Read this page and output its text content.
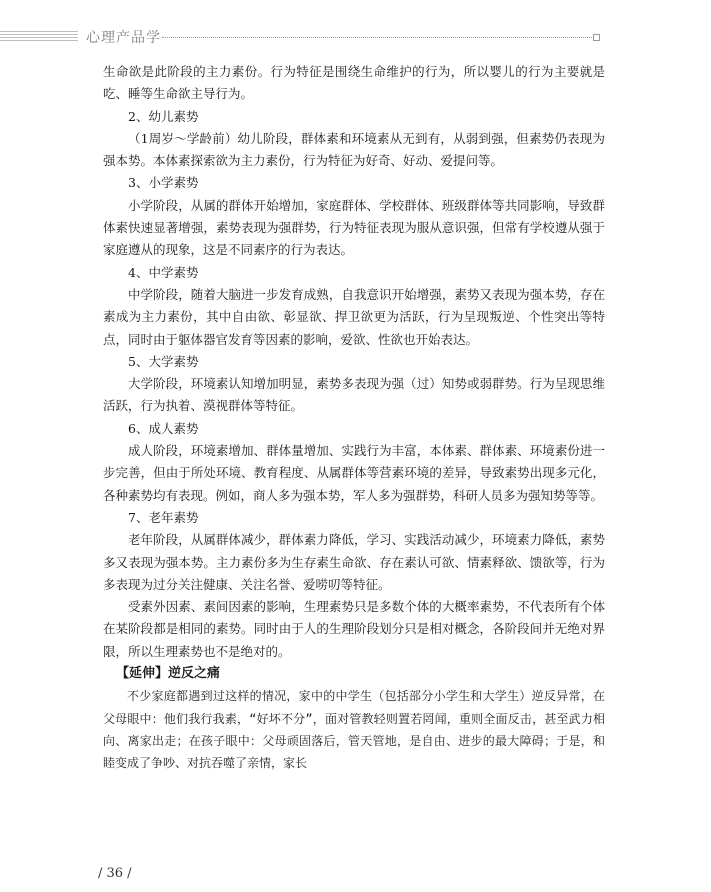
心理产品学

生命欲是此阶段的主力素份。行为特征是围绕生命维护的行为，所以婴儿的行为主要就是吃、睡等生命欲主导行为。

2、幼儿素势

（1周岁～学龄前）幼儿阶段，群体素和环境素从无到有，从弱到强，但素势仍表现为强本势。本体素探索欲为主力素份，行为特征为好奇、好动、爱提问等。

3、小学素势

小学阶段，从属的群体开始增加，家庭群体、学校群体、班级群体等共同影响，导致群体素快速显著增强，素势表现为强群势，行为特征表现为服从意识强，但常有学校遵从强于家庭遵从的现象，这是不同素序的行为表达。

4、中学素势

中学阶段，随着大脑进一步发育成熟，自我意识开始增强，素势又表现为强本势，存在素成为主力素份，其中自由欲、彰显欲、捍卫欲更为活跃，行为呈现叛逆、个性突出等特点，同时由于躯体器官发育等因素的影响，爱欲、性欲也开始表达。

5、大学素势

大学阶段，环境素认知增加明显，素势多表现为强（过）知势或弱群势。行为呈现思维活跃，行为执着、漠视群体等特征。

6、成人素势

成人阶段，环境素增加、群体量增加、实践行为丰富，本体素、群体素、环境素份进一步完善，但由于所处环境、教育程度、从属群体等营素环境的差异，导致素势出现多元化，各种素势均有表现。例如，商人多为强本势，军人多为强群势，科研人员多为强知势等等。

7、老年素势

老年阶段，从属群体减少，群体素力降低，学习、实践活动减少，环境素力降低，素势多又表现为强本势。主力素份多为生存素生命欲、存在素认可欲、情素释欲、馈欲等，行为多表现为过分关注健康、关注名誉、爱唠叨等特征。

受素外因素、素间因素的影响，生理素势只是多数个体的大概率素势，不代表所有个体在某阶段都是相同的素势。同时由于人的生理阶段划分只是相对概念，各阶段间并无绝对界限，所以生理素势也不是绝对的。

【延伸】逆反之痛

不少家庭都遇到过这样的情况，家中的中学生（包括部分小学生和大学生）逆反异常，在父母眼中：他们我行我素，“好坏不分”，面对管教轻则置若罔闻，重则全面反击，甚至武力相向、离家出走；在孩子眼中：父母顽固落后，管天管地，是自由、进步的最大障碍；于是，和睦变成了争吵、对抗吞噬了亲情，家长

/ 36 /
